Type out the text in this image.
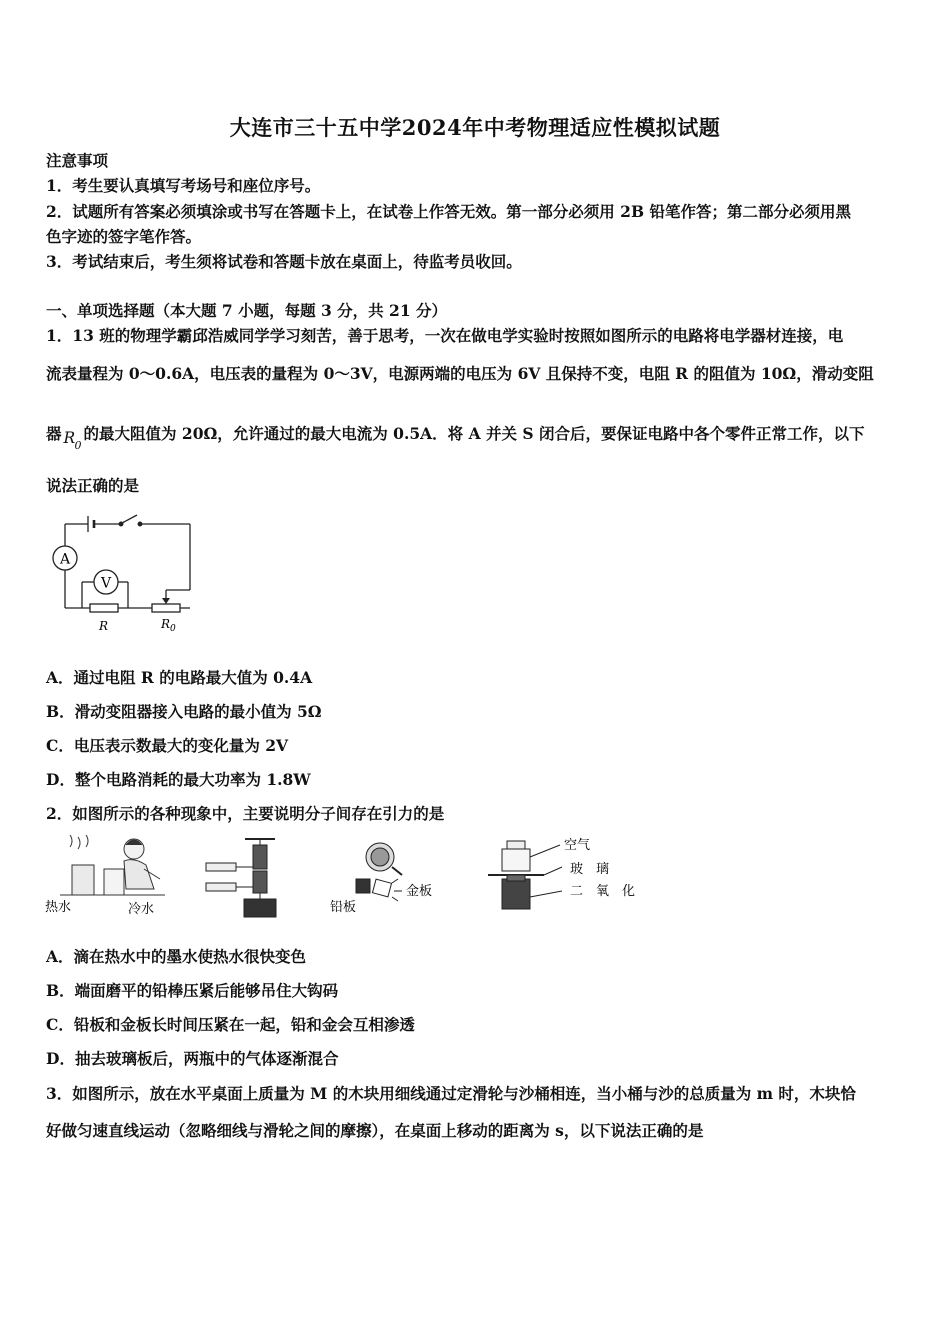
大连市三十五中学2024年中考物理适应性模拟试题
注意事项
1．考生要认真填写考场号和座位序号。
2．试题所有答案必须填涂或书写在答题卡上，在试卷上作答无效。第一部分必须用 2B 铅笔作答；第二部分必须用黑
色字迹的签字笔作答。
3．考试结束后，考生须将试卷和答题卡放在桌面上，待监考员收回。
一、单项选择题（本大题 7 小题，每题 3 分，共 21 分）
1．13 班的物理学霸邱浩威同学学习刻苦，善于思考，一次在做电学实验时按照如图所示的电路将电学器材连接，电
流表量程为 0～0.6A，电压表的量程为 0～3V，电源两端的电压为 6V 且保持不变，电阻 R 的阻值为 10Ω，滑动变阻
器 R 0
的最大阻值为 20Ω，允许通过的最大电流为 0.5A．将 A 并关 S 闭合后，要保证电路中各个零件正常工作，以下
说法正确的是
A
V
R	R 0
A．通过电阻 R 的电路最大值为 0.4A
B．滑动变阻器接入电路的最小值为 5Ω
C．电压表示数最大的变化量为 2V
D．整个电路消耗的最大功率为 1.8W
2．如图所示的各种现象中，主要说明分子间存在引力的是
热水	冷水	铅板
金板
空气
玻　璃
二　氧　化
A．滴在热水中的墨水使热水很快变色
B．端面磨平的铅棒压紧后能够吊住大钩码
C．铅板和金板长时间压紧在一起，铅和金会互相渗透
D．抽去玻璃板后，两瓶中的气体逐渐混合
3．如图所示，放在水平桌面上质量为 M 的木块用细线通过定滑轮与沙桶相连，当小桶与沙的总质量为 m 时，木块恰
好做匀速直线运动（忽略细线与滑轮之间的摩擦），在桌面上移动的距离为 s，以下说法正确的是
